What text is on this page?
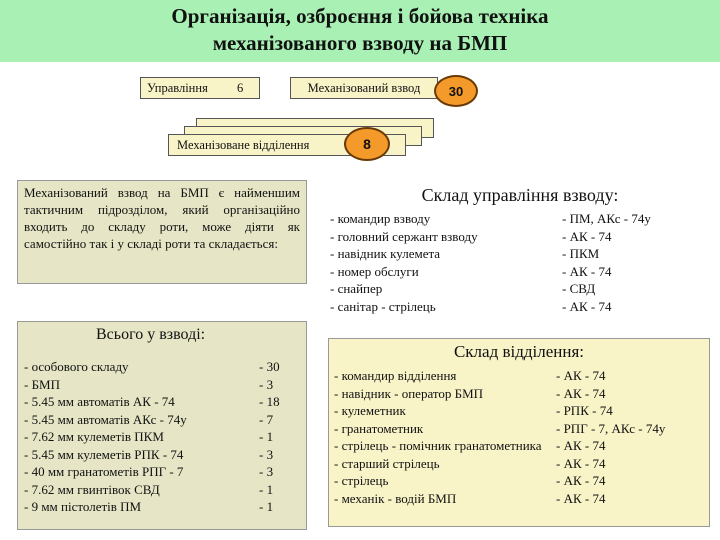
Організація, озброєння і бойова техніка
механізованого взводу на БМП
Управління 6	Механізований взвод	30
Механізоване відділення	8

Механізований взвод на БМП є найменшим тактичним підрозділом, який організаційно входить до складу роти, може діяти як самостійно так і у складі роти та складається:

Всього у взводі:
- особового складу	- 30
- БМП	- 3
- 5.45 мм автоматів АК - 74	- 18
- 5.45 мм автоматів АКс - 74у	- 7
- 7.62 мм кулеметів ПКМ	- 1
- 5.45 мм кулеметів РПК - 74	- 3
- 40 мм гранатометів РПГ - 7	- 3
- 7.62 мм гвинтівок СВД	- 1
- 9 мм пістолетів ПМ	- 1
Склад управління взводу:
- командир взводу	- ПМ, АКс - 74у
- головний сержант взводу	- АК - 74
- навідник кулемета	- ПКМ
- номер обслуги	- АК - 74
- снайпер	- СВД
- санітар - стрілець	- АК - 74
Склад відділення:
- командир відділення	- АК - 74
- навідник - оператор БМП	- АК - 74
- кулеметник	- РПК - 74
- гранатометник	- РПГ - 7, АКс - 74у
- стрілець - помічник гранатометника - АК - 74
- старший стрілець	- АК - 74
- стрілець	- АК - 74
- механік - водій БМП	- АК - 74
